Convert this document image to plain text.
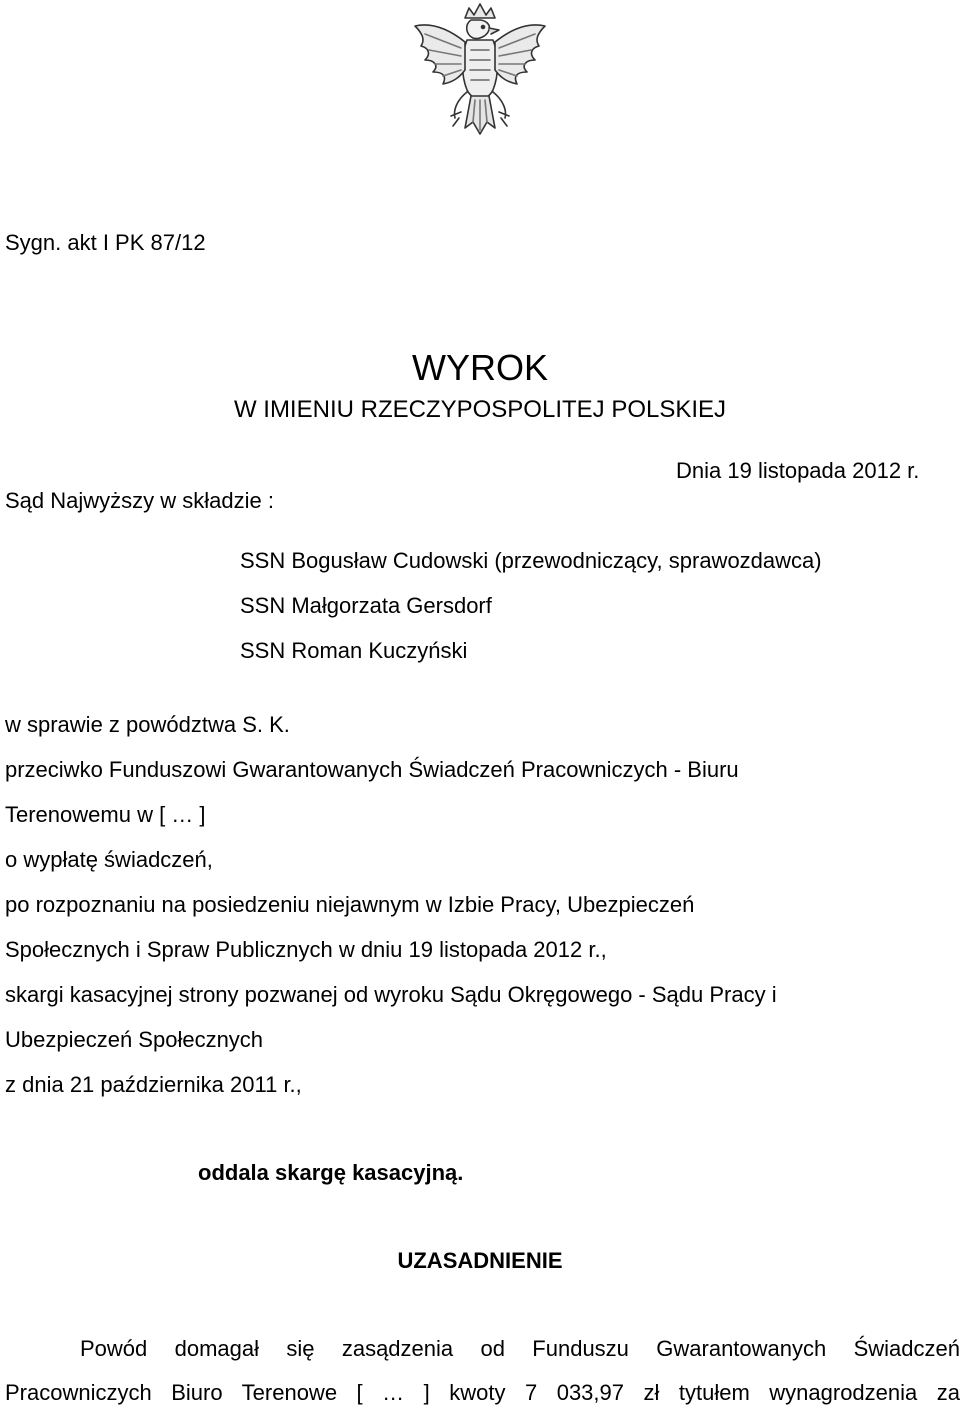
Sygn. akt I PK 87/12
WYROK
W IMIENIU RZECZYPOSPOLITEJ POLSKIEJ
Dnia 19 listopada 2012 r.
Sąd Najwyższy w składzie :
SSN Bogusław Cudowski (przewodniczący, sprawozdawca)
SSN Małgorzata Gersdorf
SSN Roman Kuczyński
w sprawie z powództwa S. K.
przeciwko Funduszowi Gwarantowanych Świadczeń Pracowniczych - Biuru
Terenowemu w [ … ]
o wypłatę świadczeń,
po rozpoznaniu na posiedzeniu niejawnym w Izbie Pracy, Ubezpieczeń
Społecznych i Spraw Publicznych w dniu 19 listopada 2012 r.,
skargi kasacyjnej strony pozwanej od wyroku Sądu Okręgowego - Sądu Pracy i
Ubezpieczeń Społecznych
z dnia 21 października 2011 r.,
oddala skargę kasacyjną.
UZASADNIENIE
Powód domagał się zasądzenia od Funduszu Gwarantowanych Świadczeń
Pracowniczych Biuro Terenowe [ … ] kwoty 7 033,97 zł tytułem wynagrodzenia za
